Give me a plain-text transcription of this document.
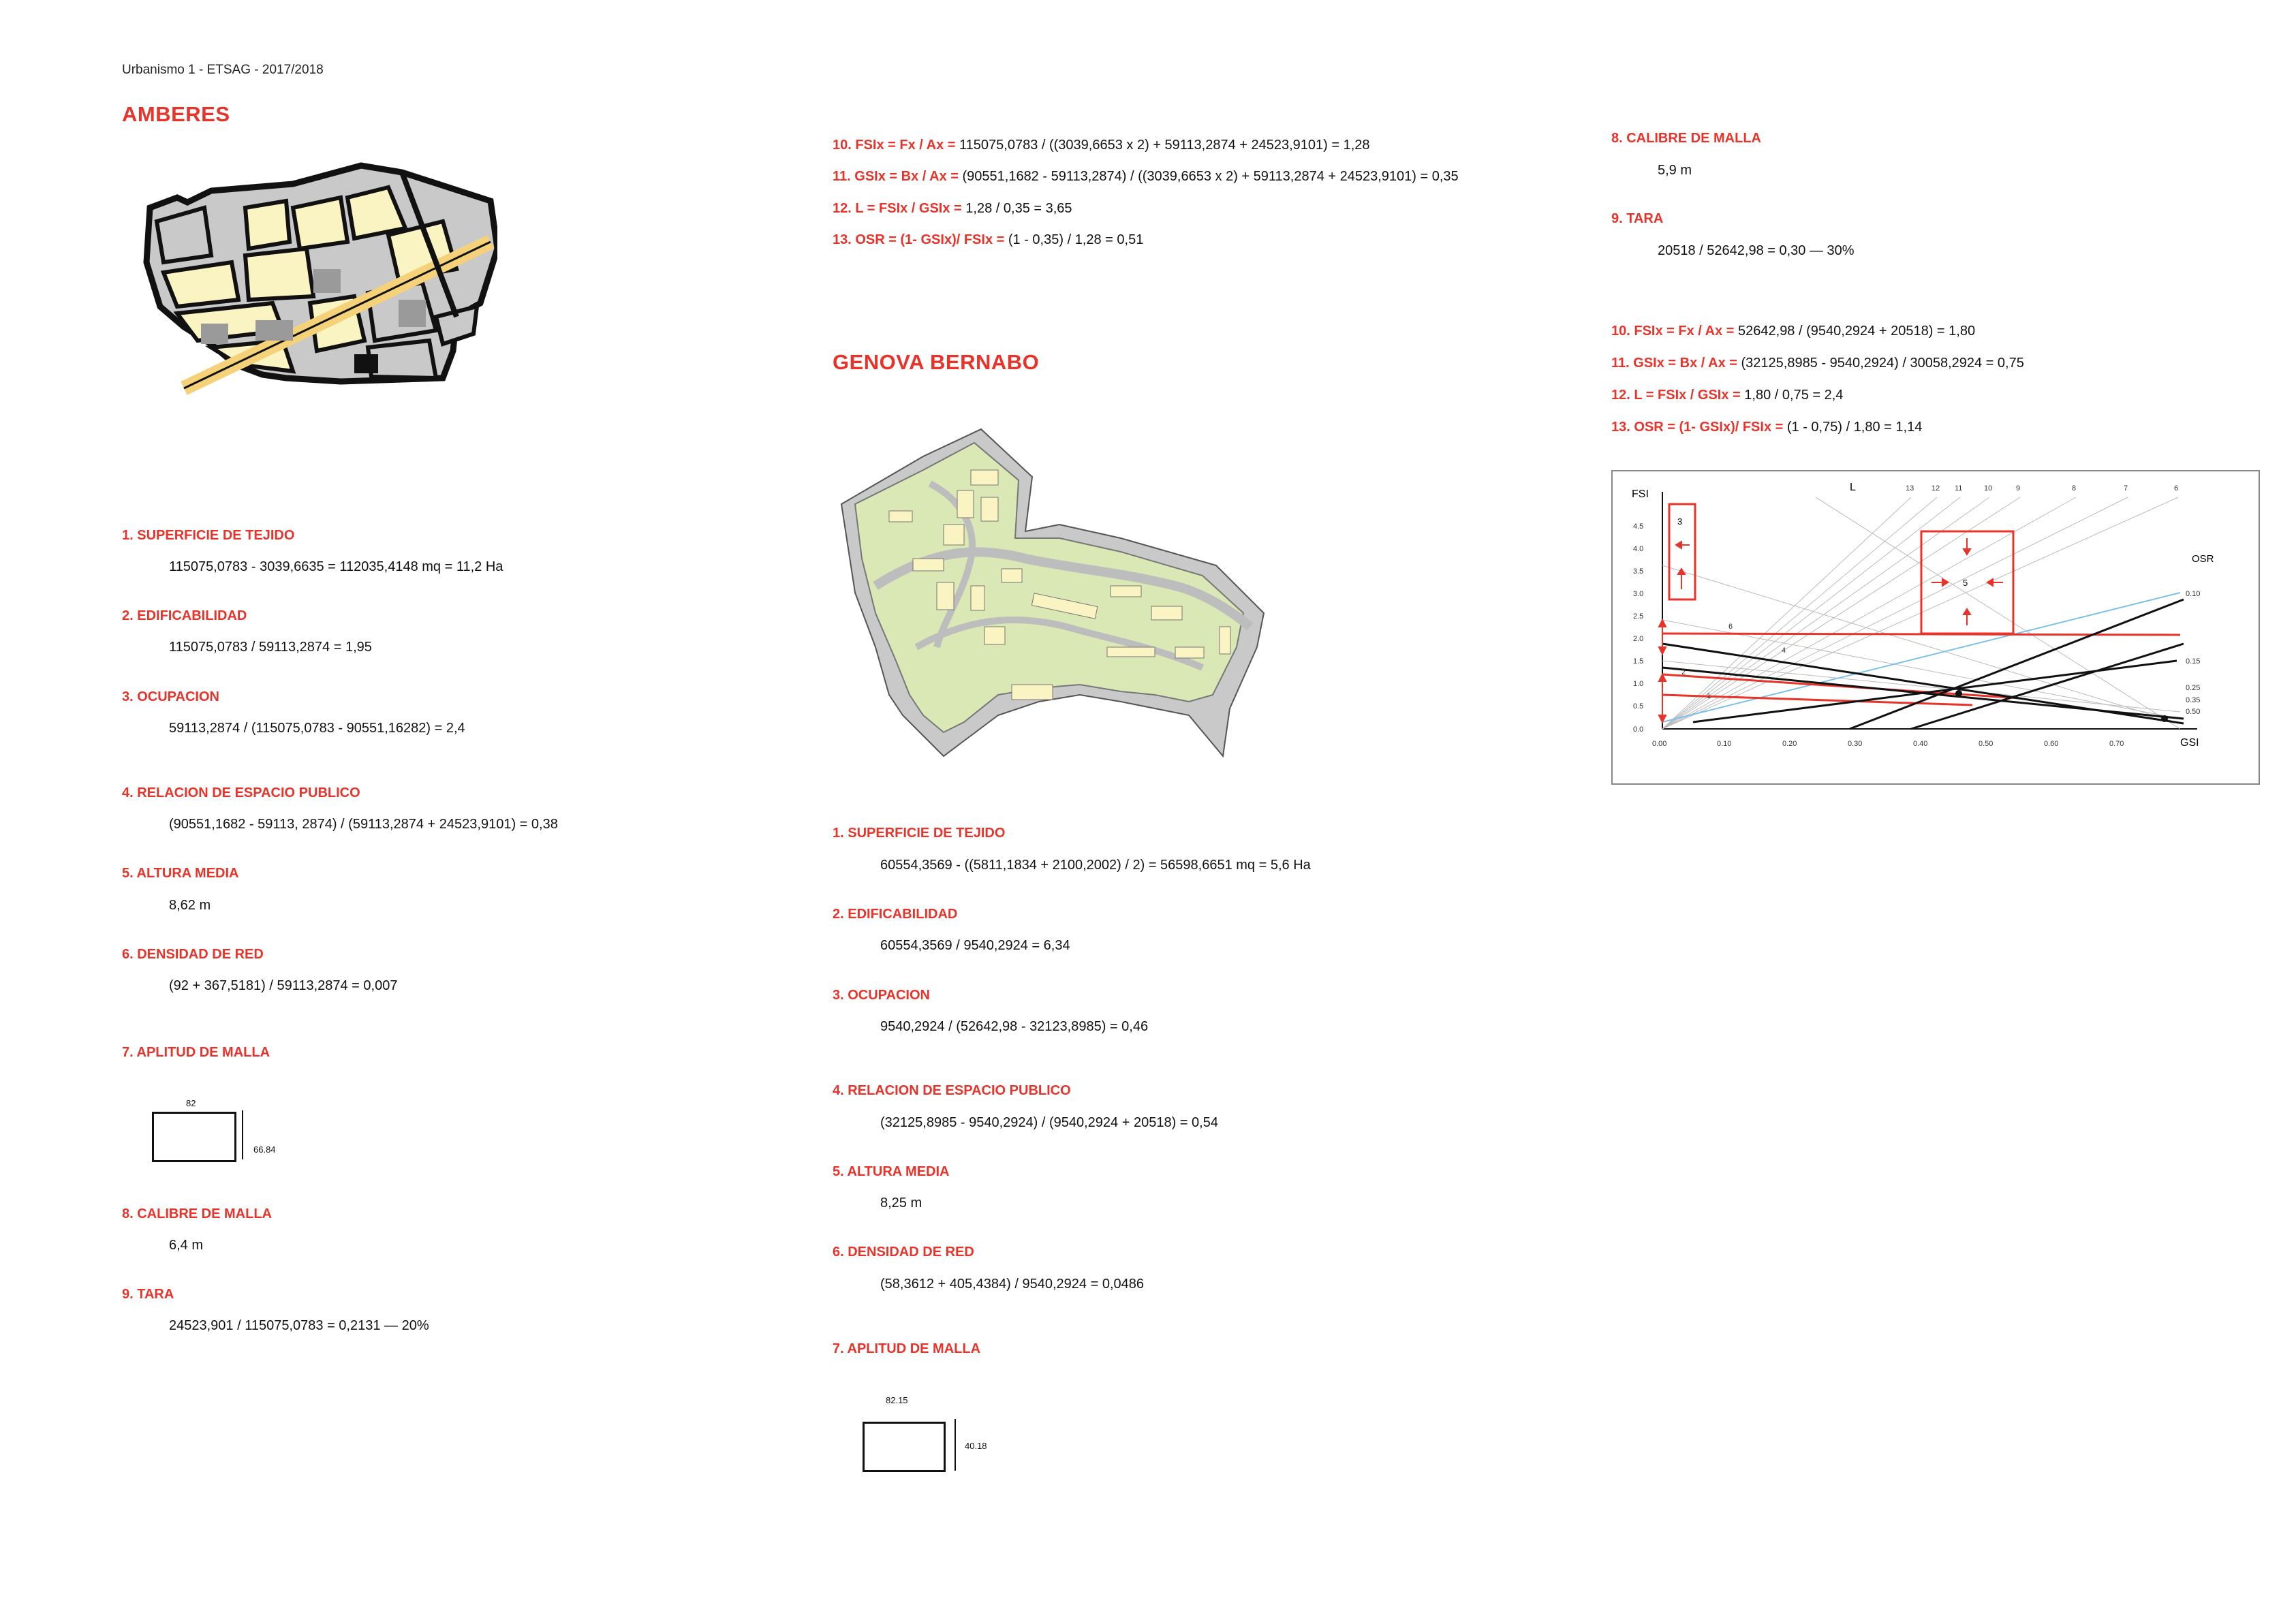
Urbanismo 1 - ETSAG - 2017/2018
AMBERES
1. SUPERFICIE DE TEJIDO
115075,0783 - 3039,6635 = 112035,4148 mq = 11,2 Ha
2. EDIFICABILIDAD
115075,0783 / 59113,2874 = 1,95
3. OCUPACION
59113,2874 / (115075,0783 - 90551,16282) = 2,4
4. RELACION DE ESPACIO PUBLICO
(90551,1682 - 59113, 2874) / (59113,2874 + 24523,9101) = 0,38
5. ALTURA MEDIA
8,62 m
6. DENSIDAD DE RED
(92 + 367,5181) / 59113,2874 = 0,007
7. APLITUD DE MALLA
82
66.84
8. CALIBRE DE MALLA
6,4 m
9. TARA
24523,901 / 115075,0783 = 0,2131 — 20%
10. FSIx = Fx / Ax = 115075,0783 / ((3039,6653 x 2) + 59113,2874 + 24523,9101) = 1,28
11. GSIx = Bx / Ax = (90551,1682 - 59113,2874) / ((3039,6653 x 2) + 59113,2874 + 24523,9101) = 0,35
12. L = FSIx / GSIx = 1,28 / 0,35 = 3,65
13. OSR = (1- GSIx)/ FSIx = (1 - 0,35) / 1,28 = 0,51
GENOVA BERNABO
1. SUPERFICIE DE TEJIDO
60554,3569 - ((5811,1834 + 2100,2002) / 2) = 56598,6651 mq = 5,6 Ha
2. EDIFICABILIDAD
60554,3569 / 9540,2924 = 6,34
3. OCUPACION
9540,2924 / (52642,98 - 32123,8985) = 0,46
4. RELACION DE ESPACIO PUBLICO
(32125,8985 - 9540,2924) / (9540,2924 + 20518) = 0,54
5. ALTURA MEDIA
8,25 m
6. DENSIDAD DE RED
(58,3612 + 405,4384) / 9540,2924 = 0,0486
7. APLITUD DE MALLA
82.15
40.18
8. CALIBRE DE MALLA
5,9 m
9. TARA
20518 / 52642,98 = 0,30 — 30%
10. FSIx = Fx / Ax = 52642,98 / (9540,2924 + 20518) = 1,80
11. GSIx = Bx / Ax = (32125,8985 - 9540,2924) / 30058,2924 = 0,75
12. L = FSIx / GSIx = 1,80 / 0,75 = 2,4
13. OSR = (1- GSIx)/ FSIx = (1 - 0,75) / 1,80 = 1,14
FSI
GSI
L
OSR
0.0
0.5
1.0
1.5
2.0
2.5
3.0
3.5
4.0
4.5
0.00	0.10	0.20	0.30	0.40	0.50	0.60	0.70
13 12 11	10	9	8	7	6
0.10
0.15
0.25
0.35
0.50
3
5
6
4
2
1
